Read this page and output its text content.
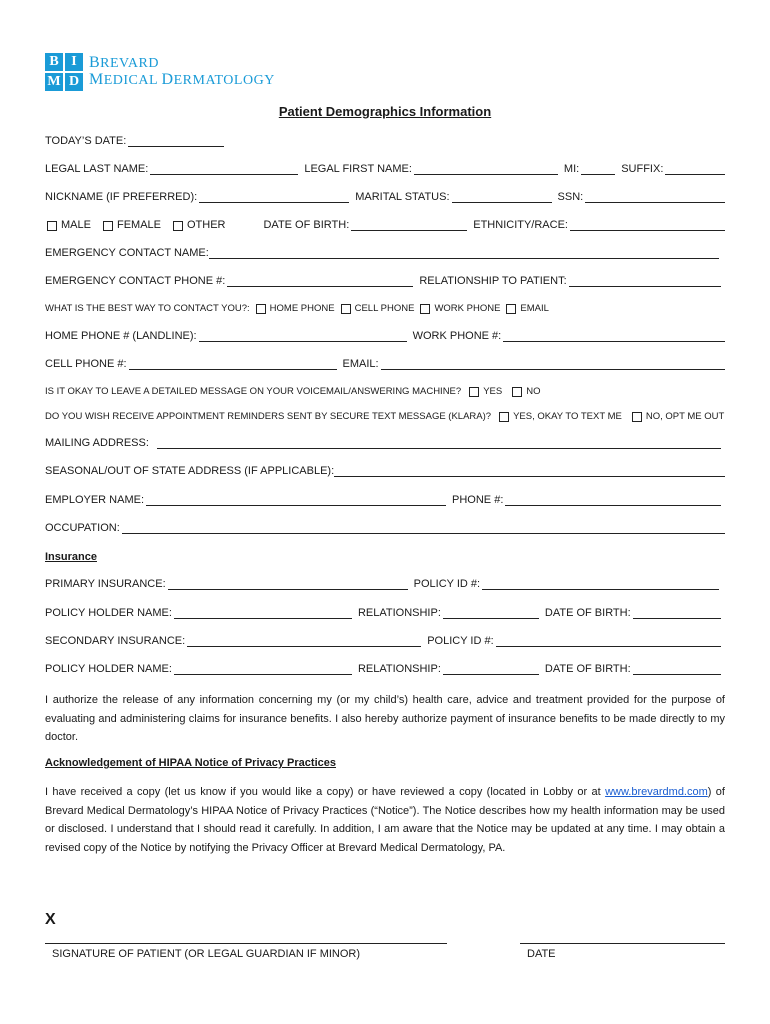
B I
M D
BREVARD
MEDICAL DERMATOLOGY
Patient Demographics Information
TODAY’S DATE:
LEGAL LAST NAME:	LEGAL FIRST NAME:	MI:	SUFFIX:
NICKNAME (IF PREFERRED):	MARITAL STATUS:	SSN:
MALE FEMALE OTHER	DATE OF BIRTH:	ETHNICITY/RACE:
EMERGENCY CONTACT NAME:
EMERGENCY CONTACT PHONE #:	RELATIONSHIP TO PATIENT:
WHAT IS THE BEST WAY TO CONTACT YOU?: HOME PHONE CELL PHONE WORK PHONE EMAIL
HOME PHONE # (LANDLINE):	WORK PHONE #:
CELL PHONE #:	EMAIL:
IS IT OKAY TO LEAVE A DETAILED MESSAGE ON YOUR VOICEMAIL/ANSWERING MACHINE? YES	NO
DO YOU WISH RECEIVE APPOINTMENT REMINDERS SENT BY SECURE TEXT MESSAGE (KLARA)? YES, OKAY TO TEXT ME	NO, OPT ME OUT
MAILING ADDRESS:
SEASONAL/OUT OF STATE ADDRESS (IF APPLICABLE):
EMPLOYER NAME:	PHONE #:
OCCUPATION:
Insurance
PRIMARY INSURANCE:	POLICY ID #:
POLICY HOLDER NAME:	RELATIONSHIP:	DATE OF BIRTH:
SECONDARY INSURANCE:	POLICY ID #:
POLICY HOLDER NAME:	RELATIONSHIP:	DATE OF BIRTH:
I authorize the release of any information concerning my (or my child’s) health care, advice and treatment provided for the purpose of evaluating and administering claims for insurance benefits. I also hereby authorize payment of insurance benefits to be made directly to my doctor.
Acknowledgement of HIPAA Notice of Privacy Practices
I have received a copy (let us know if you would like a copy) or have reviewed a copy (located in Lobby or at www.brevardmd.com) of Brevard Medical Dermatology’s HIPAA Notice of Privacy Practices (“Notice”). The Notice describes how my health information may be used or disclosed. I understand that I should read it carefully. In addition, I am aware that the Notice may be updated at any time. I may obtain a revised copy of the Notice by notifying the Privacy Officer at Brevard Medical Dermatology, PA.
X
SIGNATURE OF PATIENT (OR LEGAL GUARDIAN IF MINOR)	DATE
